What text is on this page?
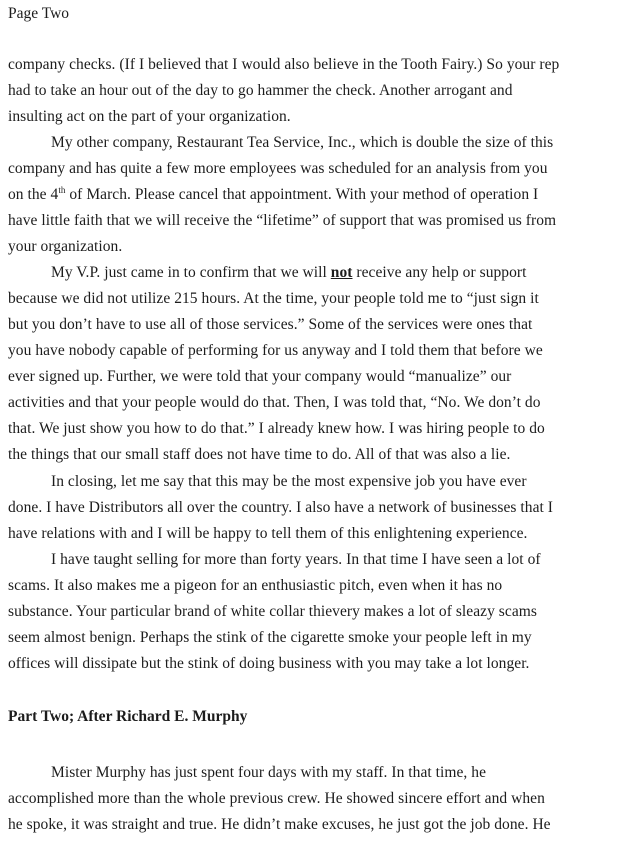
Page Two
company checks. (If I believed that I would also believe in the Tooth Fairy.) So your rep
had to take an hour out of the day to go hammer the check. Another arrogant and
insulting act on the part of your organization.
My other company, Restaurant Tea Service, Inc., which is double the size of this
company and has quite a few more employees was scheduled for an analysis from you
on the 4th of March. Please cancel that appointment. With your method of operation I
have little faith that we will receive the “lifetime” of support that was promised us from
your organization.
My V.P. just came in to confirm that we will not receive any help or support
because we did not utilize 215 hours. At the time, your people told me to “just sign it
but you don’t have to use all of those services.” Some of the services were ones that
you have nobody capable of performing for us anyway and I told them that before we
ever signed up. Further, we were told that your company would “manualize” our
activities and that your people would do that. Then, I was told that, “No. We don’t do
that. We just show you how to do that.” I already knew how. I was hiring people to do
the things that our small staff does not have time to do. All of that was also a lie.
In closing, let me say that this may be the most expensive job you have ever
done. I have Distributors all over the country. I also have a network of businesses that I
have relations with and I will be happy to tell them of this enlightening experience.
I have taught selling for more than forty years. In that time I have seen a lot of
scams. It also makes me a pigeon for an enthusiastic pitch, even when it has no
substance. Your particular brand of white collar thievery makes a lot of sleazy scams
seem almost benign. Perhaps the stink of the cigarette smoke your people left in my
offices will dissipate but the stink of doing business with you may take a lot longer.
Part Two; After Richard E. Murphy
Mister Murphy has just spent four days with my staff. In that time, he
accomplished more than the whole previous crew. He showed sincere effort and when
he spoke, it was straight and true. He didn’t make excuses, he just got the job done. He
